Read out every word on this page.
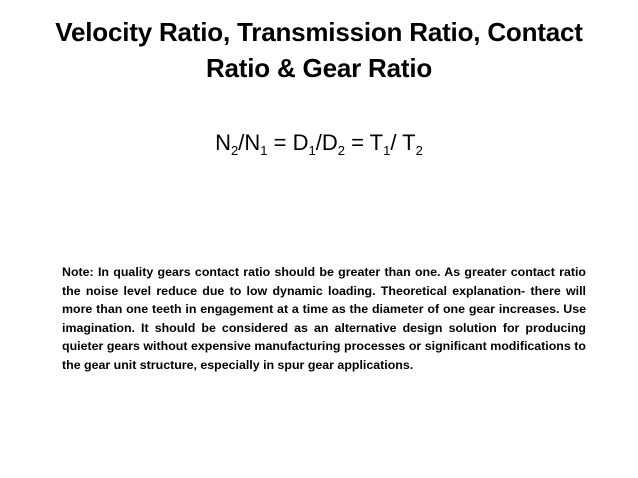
Velocity Ratio, Transmission Ratio, Contact
Ratio & Gear Ratio
$N_2/N_1 = D_1/D_2 = T_1/$ $T_2$
Note: In quality gears contact ratio should be greater than one. As greater contact ratio the noise level reduce due to low dynamic loading. Theoretical explanation- there will more than one teeth in engagement at a time as the diameter of one gear increases. Use imagination. It should be considered as an alternative design solution for producing quieter gears without expensive manufacturing processes or significant modifications to the gear unit structure, especially in spur gear applications.
